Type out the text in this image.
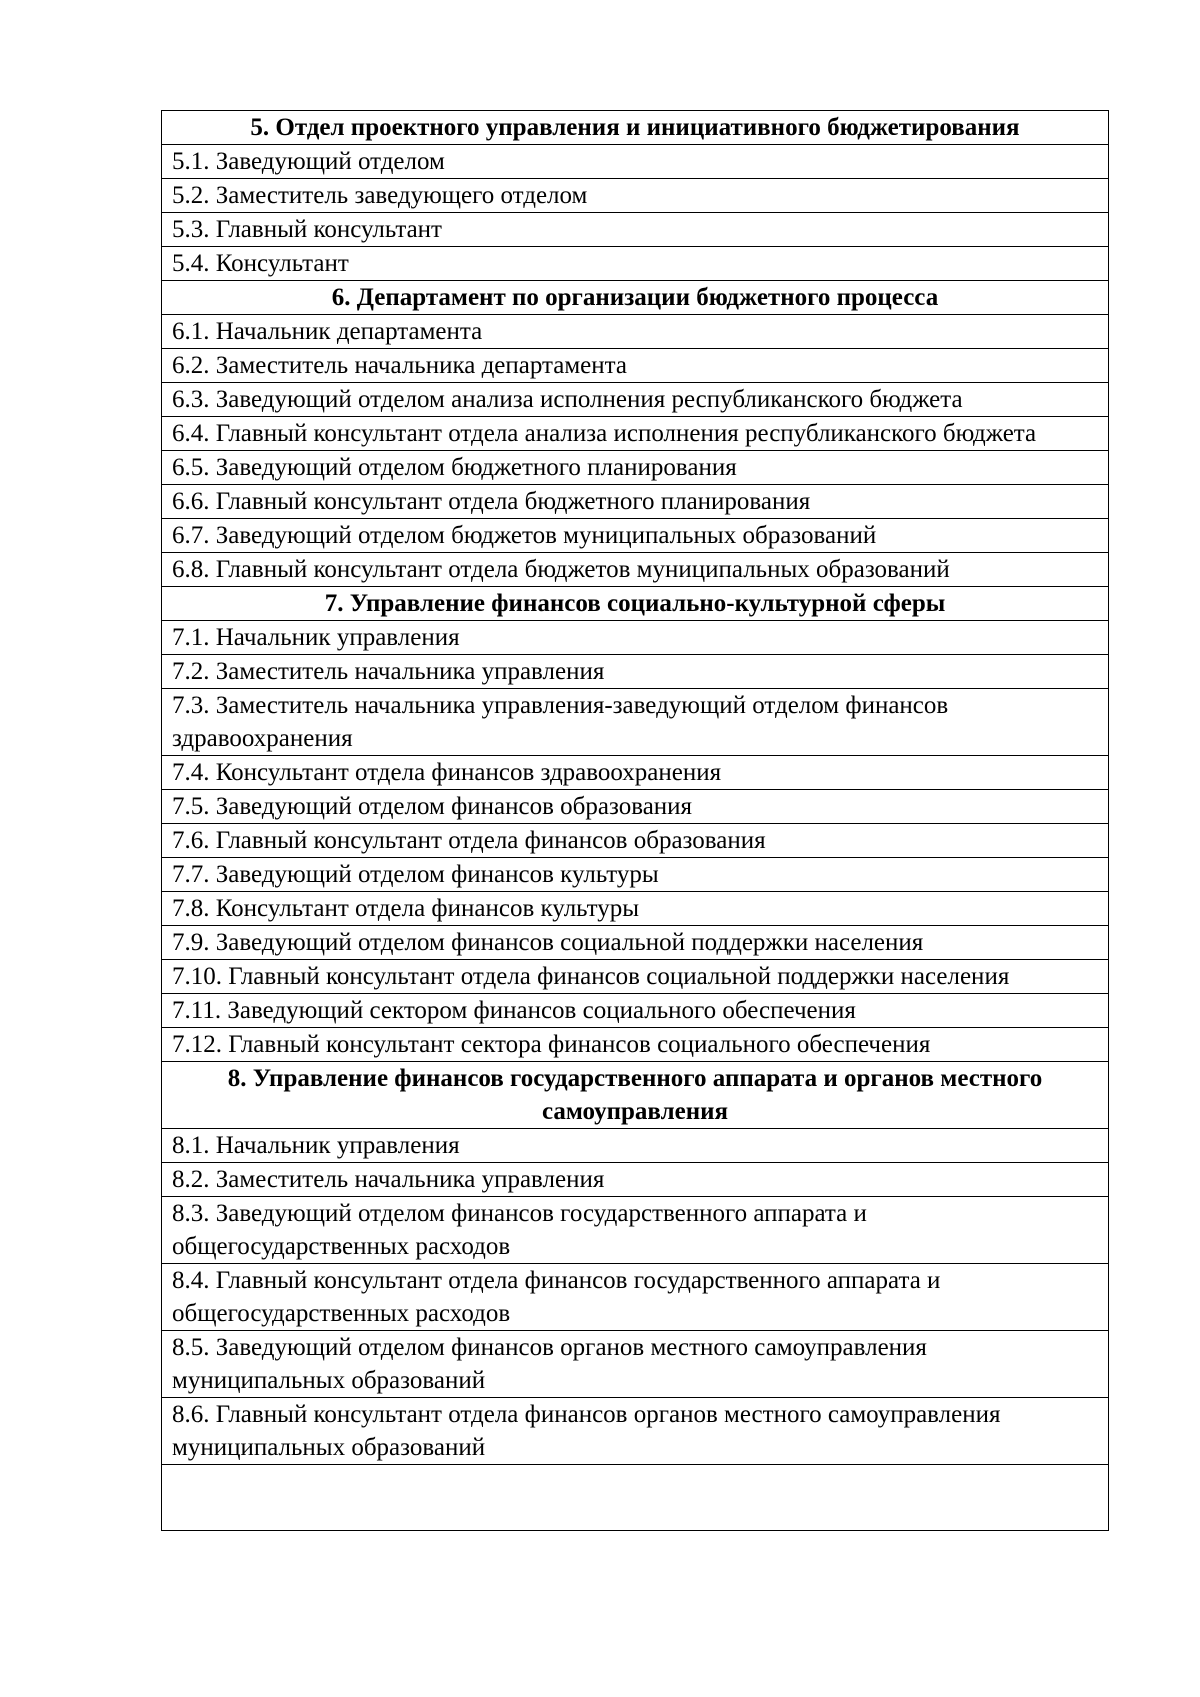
5. Отдел проектного управления и инициативного бюджетирования
5.1. Заведующий отделом
5.2. Заместитель заведующего отделом
5.3. Главный консультант
5.4. Консультант
6. Департамент по организации бюджетного процесса
6.1. Начальник департамента
6.2. Заместитель начальника департамента
6.3. Заведующий отделом анализа исполнения республиканского бюджета
6.4. Главный консультант отдела анализа исполнения республиканского бюджета
6.5. Заведующий отделом бюджетного планирования
6.6. Главный консультант отдела бюджетного планирования
6.7. Заведующий отделом бюджетов муниципальных образований
6.8. Главный консультант отдела бюджетов муниципальных образований
7. Управление финансов социально-культурной сферы
7.1. Начальник управления
7.2. Заместитель начальника управления
7.3. Заместитель начальника управления-заведующий отделом финансов здравоохранения
7.4. Консультант отдела финансов здравоохранения
7.5. Заведующий отделом финансов образования
7.6. Главный консультант отдела финансов образования
7.7. Заведующий отделом финансов культуры
7.8. Консультант отдела финансов культуры
7.9. Заведующий отделом финансов социальной поддержки населения
7.10. Главный консультант отдела финансов социальной поддержки населения
7.11. Заведующий сектором финансов социального обеспечения
7.12. Главный консультант сектора финансов социального обеспечения
8. Управление финансов государственного аппарата и органов местного самоуправления
8.1. Начальник управления
8.2. Заместитель начальника управления
8.3. Заведующий отделом финансов государственного аппарата и общегосударственных расходов
8.4. Главный консультант отдела финансов государственного аппарата и общегосударственных расходов
8.5. Заведующий отделом финансов органов местного самоуправления муниципальных образований
8.6. Главный консультант отдела финансов органов местного самоуправления муниципальных образований
